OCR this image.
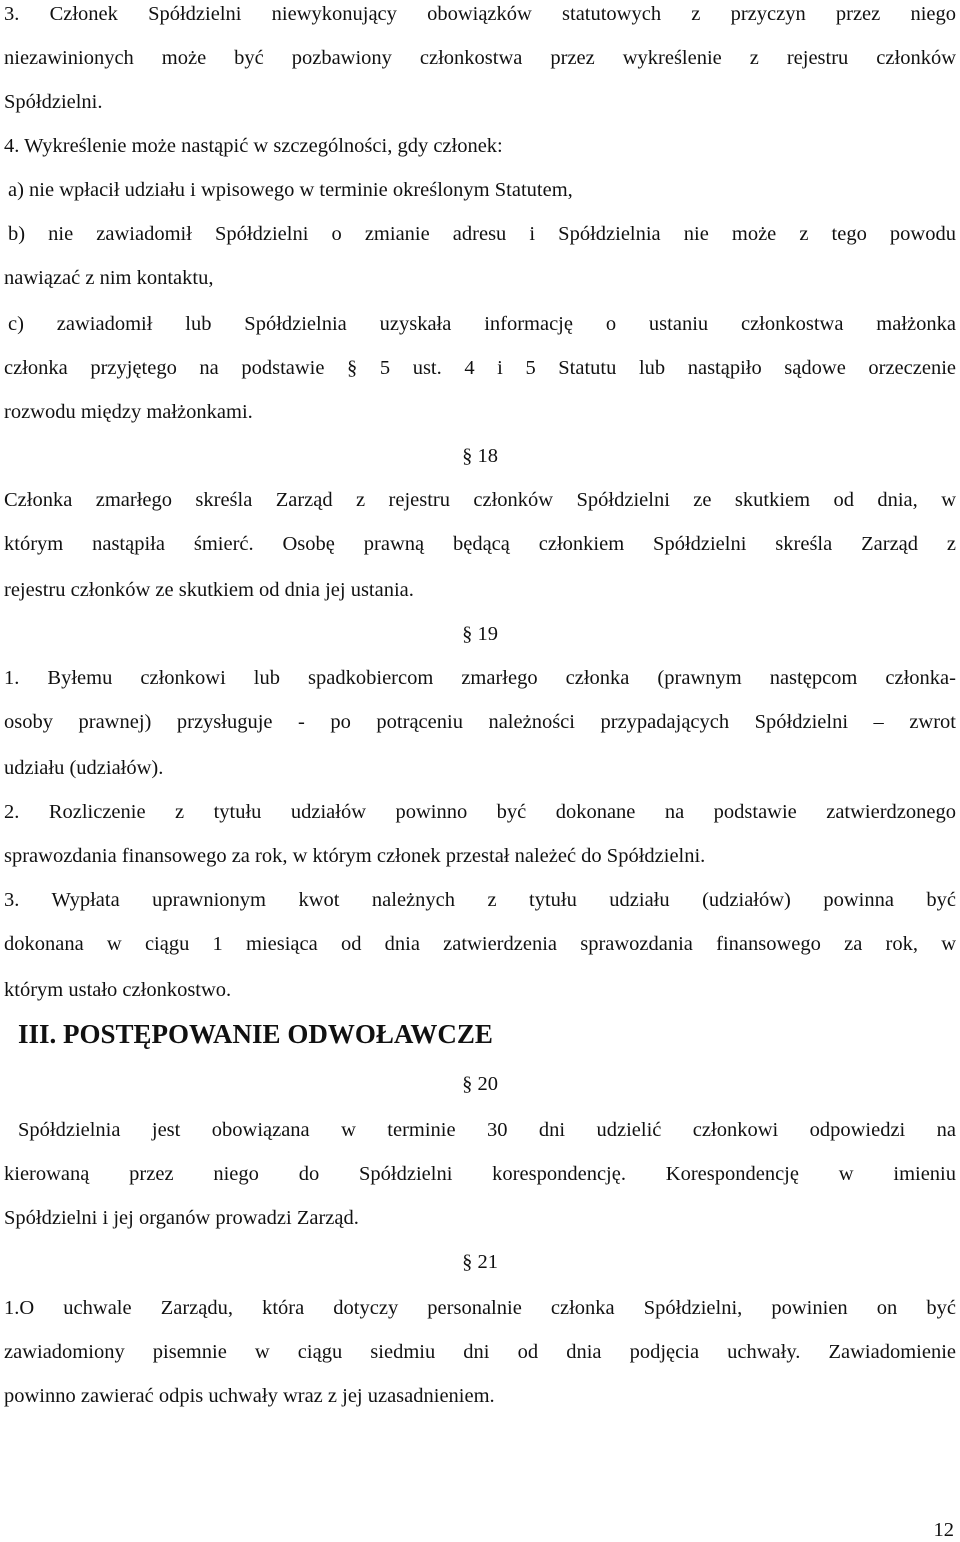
3. Członek Spółdzielni niewykonujący obowiązków statutowych z przyczyn przez niego
niezawinionych może być pozbawiony członkostwa przez wykreślenie z rejestru członków
Spółdzielni.
4. Wykreślenie może nastąpić w szczególności, gdy członek:
a) nie wpłacił udziału i wpisowego w terminie określonym Statutem,
b) nie zawiadomił Spółdzielni o zmianie adresu i Spółdzielnia nie może z tego powodu
nawiązać z nim kontaktu,
c) zawiadomił lub Spółdzielnia uzyskała informację o ustaniu członkostwa małżonka
członka przyjętego na podstawie § 5 ust. 4 i 5 Statutu lub nastąpiło sądowe orzeczenie
rozwodu między małżonkami.
§ 18
Członka zmarłego skreśla Zarząd z rejestru członków Spółdzielni ze skutkiem od dnia, w
którym nastąpiła śmierć. Osobę prawną będącą członkiem Spółdzielni skreśla Zarząd z
rejestru członków ze skutkiem od dnia jej ustania.
§ 19
1. Byłemu członkowi lub spadkobiercom zmarłego członka (prawnym następcom członka-
osoby prawnej) przysługuje - po potrąceniu należności przypadających Spółdzielni – zwrot
udziału (udziałów).
2. Rozliczenie z tytułu udziałów powinno być dokonane na podstawie zatwierdzonego
sprawozdania finansowego za rok, w którym członek przestał należeć do Spółdzielni.
3. Wypłata uprawnionym kwot należnych z tytułu udziału (udziałów) powinna być
dokonana w ciągu 1 miesiąca od dnia zatwierdzenia sprawozdania finansowego za rok, w
którym ustało członkostwo.
III. POSTĘPOWANIE ODWOŁAWCZE
§ 20
Spółdzielnia jest obowiązana w terminie 30 dni udzielić członkowi odpowiedzi na
kierowaną przez niego do Spółdzielni korespondencję. Korespondencję w imieniu
Spółdzielni i jej organów prowadzi Zarząd.
§ 21
1.O uchwale Zarządu, która dotyczy personalnie członka Spółdzielni, powinien on być
zawiadomiony pisemnie w ciągu siedmiu dni od dnia podjęcia uchwały. Zawiadomienie
powinno zawierać odpis uchwały wraz z jej uzasadnieniem.
12
